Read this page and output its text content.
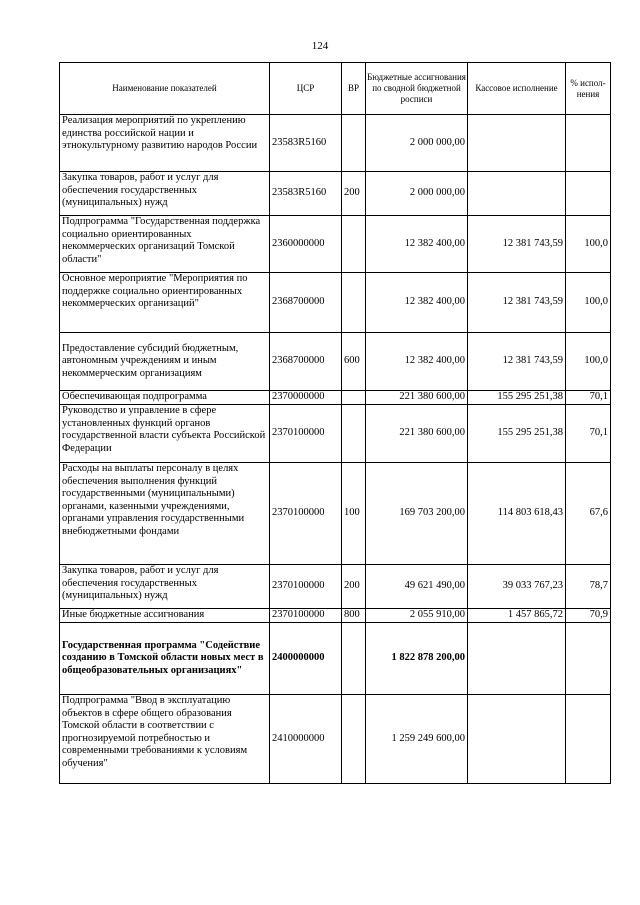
124
Наименование показателей	ЦСР	ВР	Бюджетные ассигнования по сводной бюджетной росписи	Кассовое исполнение	% испол-нения
Реализация мероприятий по укреплению единства российской нации и этнокультурному развитию народов России	23583R5160		2 000 000,00		
Закупка товаров, работ и услуг для обеспечения государственных (муниципальных) нужд	23583R5160	200	2 000 000,00		
Подпрограмма "Государственная поддержка социально ориентированных некоммерческих организаций Томской области"	2360000000		12 382 400,00	12 381 743,59	100,0
Основное мероприятие "Мероприятия по поддержке социально ориентированных некоммерческих организаций"	2368700000		12 382 400,00	12 381 743,59	100,0
Предоставление субсидий бюджетным, автономным учреждениям и иным некоммерческим организациям	2368700000	600	12 382 400,00	12 381 743,59	100,0
Обеспечивающая подпрограмма	2370000000		221 380 600,00	155 295 251,38	70,1
Руководство и управление в сфере установленных функций органов государственной власти субъекта Российской Федерации	2370100000		221 380 600,00	155 295 251,38	70,1
Расходы на выплаты персоналу в целях обеспечения выполнения функций государственными (муниципальными) органами, казенными учреждениями, органами управления государственными внебюджетными фондами	2370100000	100	169 703 200,00	114 803 618,43	67,6
Закупка товаров, работ и услуг для обеспечения государственных (муниципальных) нужд	2370100000	200	49 621 490,00	39 033 767,23	78,7
Иные бюджетные ассигнования	2370100000	800	2 055 910,00	1 457 865,72	70,9
Государственная программа "Содействие созданию в Томской области новых мест в общеобразовательных организациях"	2400000000		1 822 878 200,00		
Подпрограмма "Ввод в эксплуатацию объектов в сфере общего образования Томской области в соответствии с прогнозируемой потребностью и современными требованиями к условиям обучения"	2410000000		1 259 249 600,00		
